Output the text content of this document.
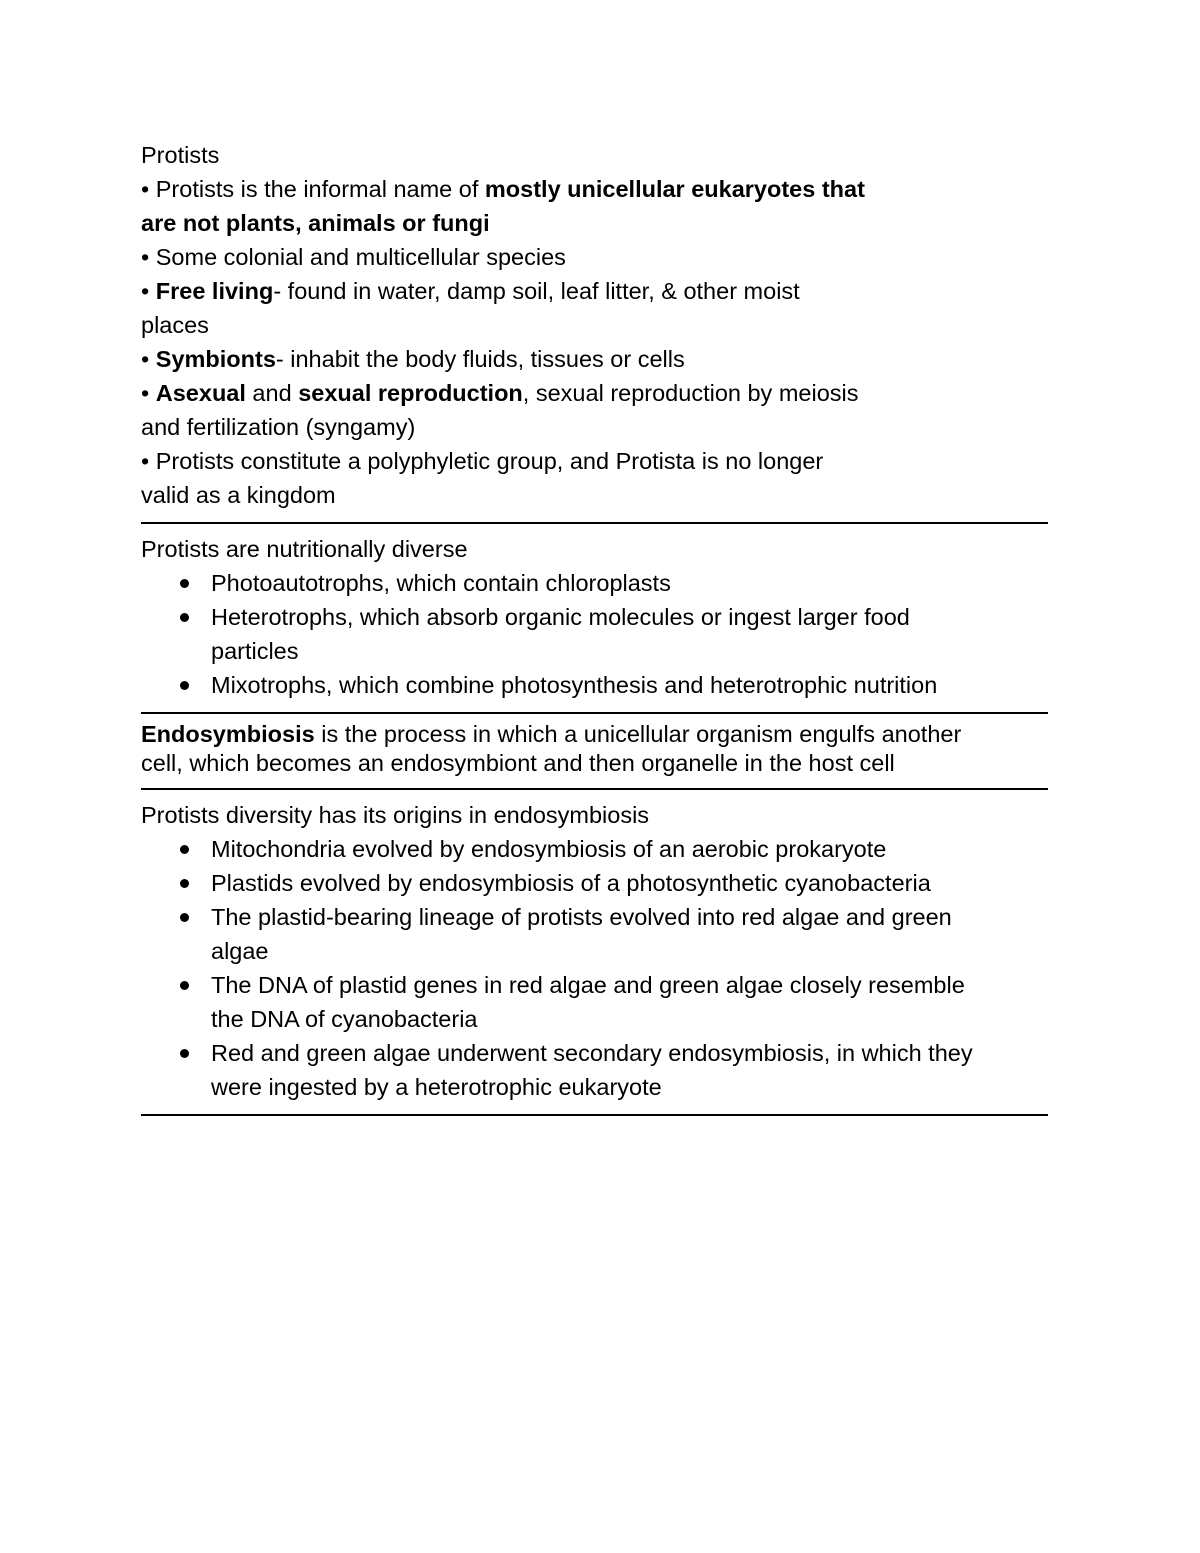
Protists

• Protists is the informal name of mostly unicellular eukaryotes that

are not plants, animals or fungi

• Some colonial and multicellular species

• Free living- found in water, damp soil, leaf litter, & other moist

places

• Symbionts- inhabit the body fluids, tissues or cells

• Asexual and sexual reproduction, sexual reproduction by meiosis

and fertilization (syngamy)

• Protists constitute a polyphyletic group, and Protista is no longer

valid as a kingdom

Protists are nutritionally diverse

Photoautotrophs, which contain chloroplasts
Heterotrophs, which absorb organic molecules or ingest larger food
particles
Mixotrophs, which combine photosynthesis and heterotrophic nutrition

Endosymbiosis is the process in which a unicellular organism engulfs another

cell, which becomes an endosymbiont and then organelle in the host cell

Protists diversity has its origins in endosymbiosis

Mitochondria evolved by endosymbiosis of an aerobic prokaryote
Plastids evolved by endosymbiosis of a photosynthetic cyanobacteria
The plastid-bearing lineage of protists evolved into red algae and green
algae
The DNA of plastid genes in red algae and green algae closely resemble
the DNA of cyanobacteria
Red and green algae underwent secondary endosymbiosis, in which they
were ingested by a heterotrophic eukaryote
